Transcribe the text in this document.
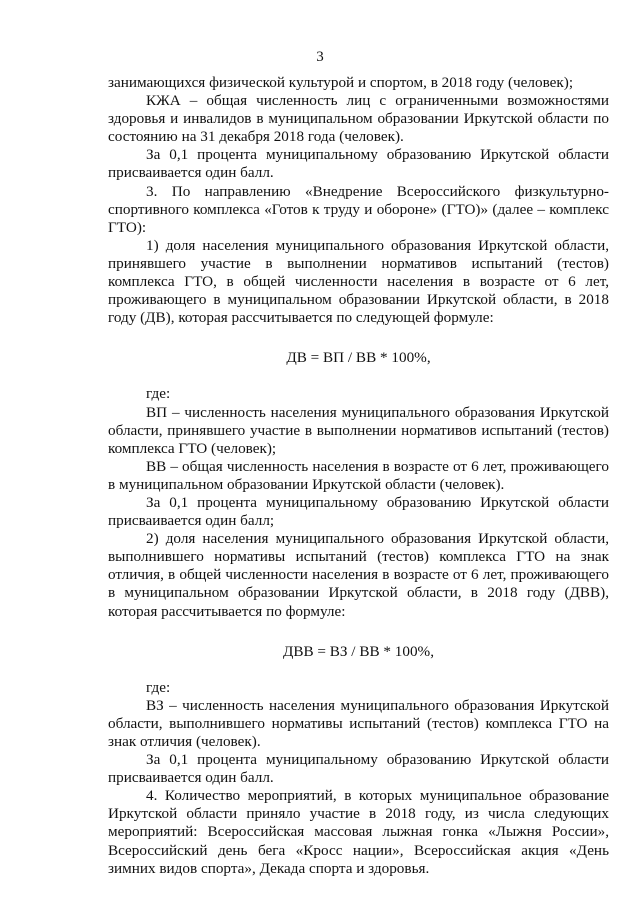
3

занимающихся физической культурой и спортом, в 2018 году (человек);

КЖА – общая численность лиц с ограниченными возможностями здоровья и инвалидов в муниципальном образовании Иркутской области по состоянию на 31 декабря 2018 года (человек).

За 0,1 процента муниципальному образованию Иркутской области присваивается один балл.

3. По направлению «Внедрение Всероссийского физкультурно-спортивного комплекса «Готов к труду и обороне» (ГТО)» (далее – комплекс ГТО):

1) доля населения муниципального образования Иркутской области, принявшего участие в выполнении нормативов испытаний (тестов) комплекса ГТО, в общей численности населения в возрасте от 6 лет, проживающего в муниципальном образовании Иркутской области, в 2018 году (ДВ), которая рассчитывается по следующей формуле:

ДВ = ВП / ВВ * 100%,

где:

ВП – численность населения муниципального образования Иркутской области, принявшего участие в выполнении нормативов испытаний (тестов) комплекса ГТО (человек);

ВВ – общая численность населения в возрасте от 6 лет, проживающего в муниципальном образовании Иркутской области (человек).

За 0,1 процента муниципальному образованию Иркутской области присваивается один балл;

2) доля населения муниципального образования Иркутской области, выполнившего нормативы испытаний (тестов) комплекса ГТО на знак отличия, в общей численности населения в возрасте от 6 лет, проживающего в муниципальном образовании Иркутской области, в 2018 году (ДВВ), которая рассчитывается по формуле:

ДВВ = ВЗ / ВВ * 100%,

где:

ВЗ – численность населения муниципального образования Иркутской области, выполнившего нормативы испытаний (тестов) комплекса ГТО на знак отличия (человек).

За 0,1 процента муниципальному образованию Иркутской области присваивается один балл.

4. Количество мероприятий, в которых муниципальное образование Иркутской области приняло участие в 2018 году, из числа следующих мероприятий: Всероссийская массовая лыжная гонка «Лыжня России», Всероссийский день бега «Кросс нации», Всероссийская акция «День зимних видов спорта», Декада спорта и здоровья.
